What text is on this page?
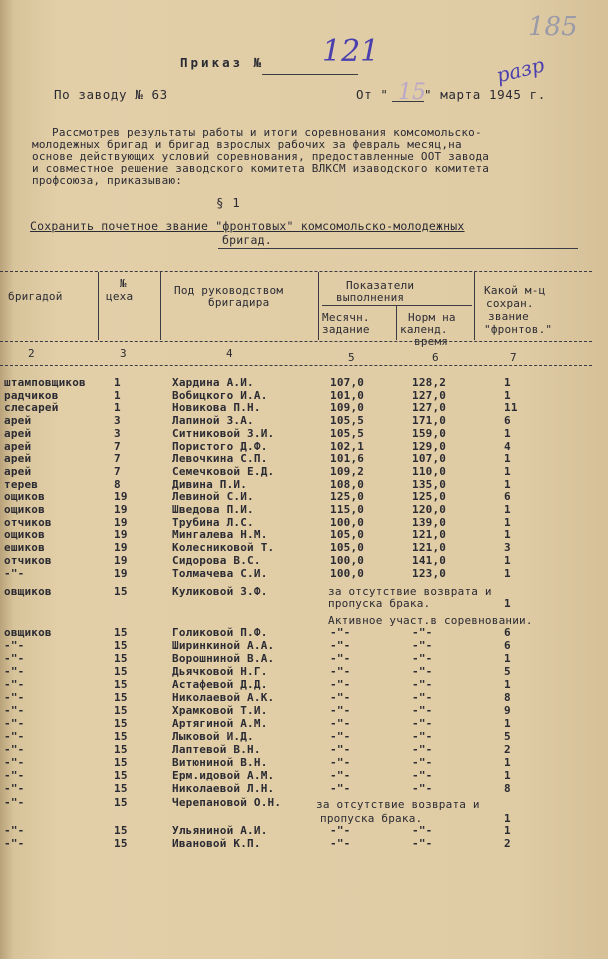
185
121
разр
15
Приказ №
По заводу № 63	От "	" марта 1945 г.
Рассмотрев результаты работы и итоги соревнования комсомольско-
молодежных бригад и бригад взрослых рабочих за февраль месяц,на
основе действующих условий соревнования, предоставленные ООТ завода
и совместное решение заводского комитета ВЛКСМ изаводского комитета
профсоюза, приказываю:
§ 1
Сохранить почетное звание "фронтовых" комсомольско-молодежных
бригад.
бригадой
№
цеха	Под руководством
бригадира
Показатели
выполнения
Месячн.
задание
Норм на
календ.
время
Какой м-ц
сохран.
звание
"фронтов."
2	3	4	5	6	7
штамповщиков	1	Хардина А.И.	107,0	128,2	1
радчиков	1	Вобицкого И.А.	101,0	127,0	1
слесарей	1	Новикова П.Н.	109,0	127,0	11
арей	3	Лапиной З.А.	105,5	171,0	6
арей	3	Ситниковой З.И.	105,5	159,0	1
арей	7	Пористого Д.Ф.	102,1	129,0	4
арей	7	Левочкина С.П.	101,6	107,0	1
арей	7	Семечковой Е.Д.	109,2	110,0	1
терев	8	Дивина П.И.	108,0	135,0	1
ощиков	19	Левиной С.И.	125,0	125,0	6
ощиков	19	Шведова П.И.	115,0	120,0	1
отчиков	19	Трубина Л.С.	100,0	139,0	1
ощиков	19	Мингалева Н.М.	105,0	121,0	1
ешиков	19	Колесниковой Т.	105,0	121,0	3
отчиков	19	Сидорова В.С.	100,0	141,0	1
-"-	19	Толмачева С.И.	100,0	123,0	1
овщиков	15	Куликовой З.Ф.	за отсутствие возврата и
пропуска брака.	1
Активное участ.в соревновании.
овщиков	15	Голиковой П.Ф.	-"-	-"-	6
-"-	15	Ширинкиной А.А.	-"-	-"-	6
-"-	15	Ворошниной В.А.	-"-	-"-	1
-"-	15	Дьячковой Н.Г.	-"-	-"-	5
-"-	15	Астафевой Д.Д.	-"-	-"-	1
-"-	15	Николаевой А.К.	-"-	-"-	8
-"-	15	Храмковой Т.И.	-"-	-"-	9
-"-	15	Артягиной А.М.	-"-	-"-	1
-"-	15	Лыковой И.Д.	-"-	-"-	5
-"-	15	Лаптевой В.Н.	-"-	-"-	2
-"-	15	Витюниной В.Н.	-"-	-"-	1
-"-	15	Ерм.идовой А.М.	-"-	-"-	1
-"-	15	Николаевой Л.Н.	-"-	-"-	8
-"-	15	Черепановой О.Н.	за отсутствие возврата и
пропуска брака.	1
-"-	15	Ульяниной А.И.	-"-	-"-	1
-"-	15	Ивановой К.П.	-"-	-"-	2
